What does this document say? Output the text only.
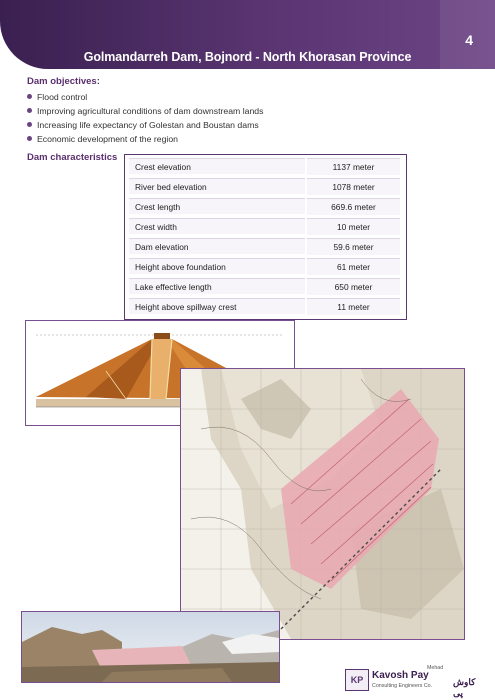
4
Golmandarreh Dam, Bojnord - North Khorasan Province
Dam objectives:
Flood control
Improving agricultural conditions of dam downstream lands
Increasing life expectancy of Golestan and Boustan dams
Economic development of the region
Dam characteristics
Crest elevation	1137 meter
River bed elevation	1078 meter
Crest length	669.6 meter
Crest width	10 meter
Dam elevation	59.6 meter
Height above foundation	61 meter
Lake effective length	650 meter
Height above spillway crest	11 meter
KP
Mehad
Kavosh Pay
Consulting Engineers Co. کاوش پی
